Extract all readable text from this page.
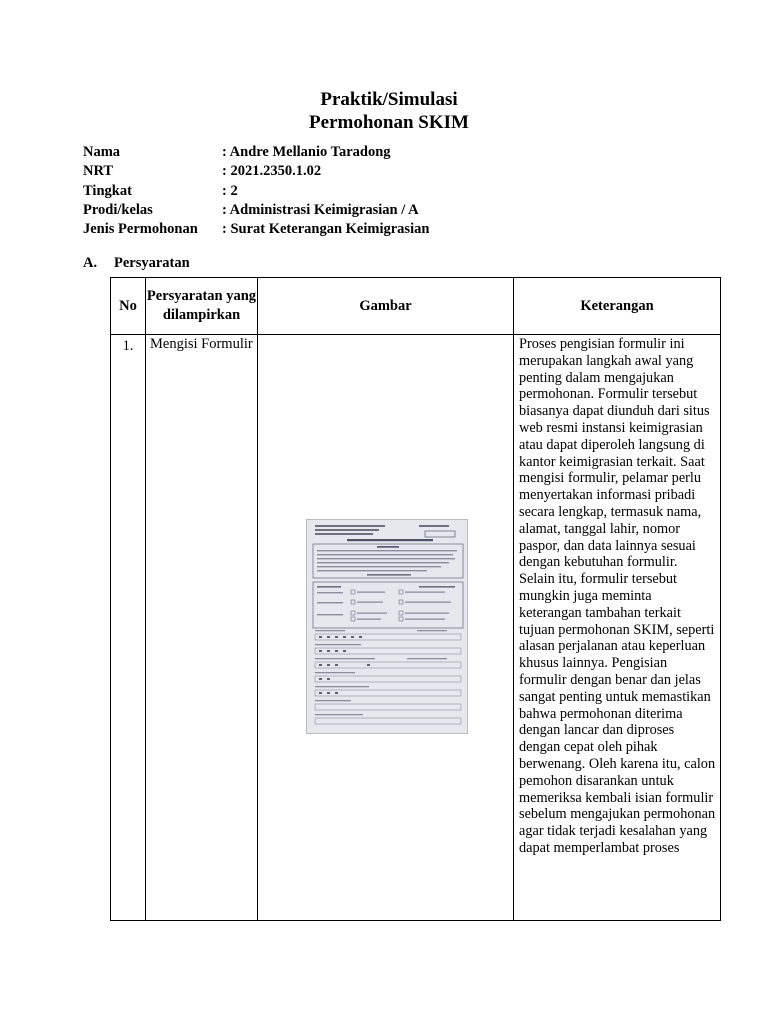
Praktik/Simulasi
Permohonan SKIM
Nama	: Andre Mellanio Taradong
NRT	: 2021.2350.1.02
Tingkat	: 2
Prodi/kelas	: Administrasi Keimigrasian / A
Jenis Permohonan	: Surat Keterangan Keimigrasian
A.	Persyaratan
No	Persyaratan yang dilampirkan	Gambar	Keterangan
1.	Mengisi Formulir		Proses pengisian formulir ini merupakan langkah awal yang penting dalam mengajukan permohonan. Formulir tersebut biasanya dapat diunduh dari situs web resmi instansi keimigrasian atau dapat diperoleh langsung di kantor keimigrasian terkait. Saat mengisi formulir, pelamar perlu menyertakan informasi pribadi secara lengkap, termasuk nama, alamat, tanggal lahir, nomor paspor, dan data lainnya sesuai dengan kebutuhan formulir. Selain itu, formulir tersebut mungkin juga meminta keterangan tambahan terkait tujuan permohonan SKIM, seperti alasan perjalanan atau keperluan khusus lainnya. Pengisian formulir dengan benar dan jelas sangat penting untuk memastikan bahwa permohonan diterima dengan lancar dan diproses dengan cepat oleh pihak berwenang. Oleh karena itu, calon pemohon disarankan untuk memeriksa kembali isian formulir sebelum mengajukan permohonan agar tidak terjadi kesalahan yang dapat memperlambat proses
